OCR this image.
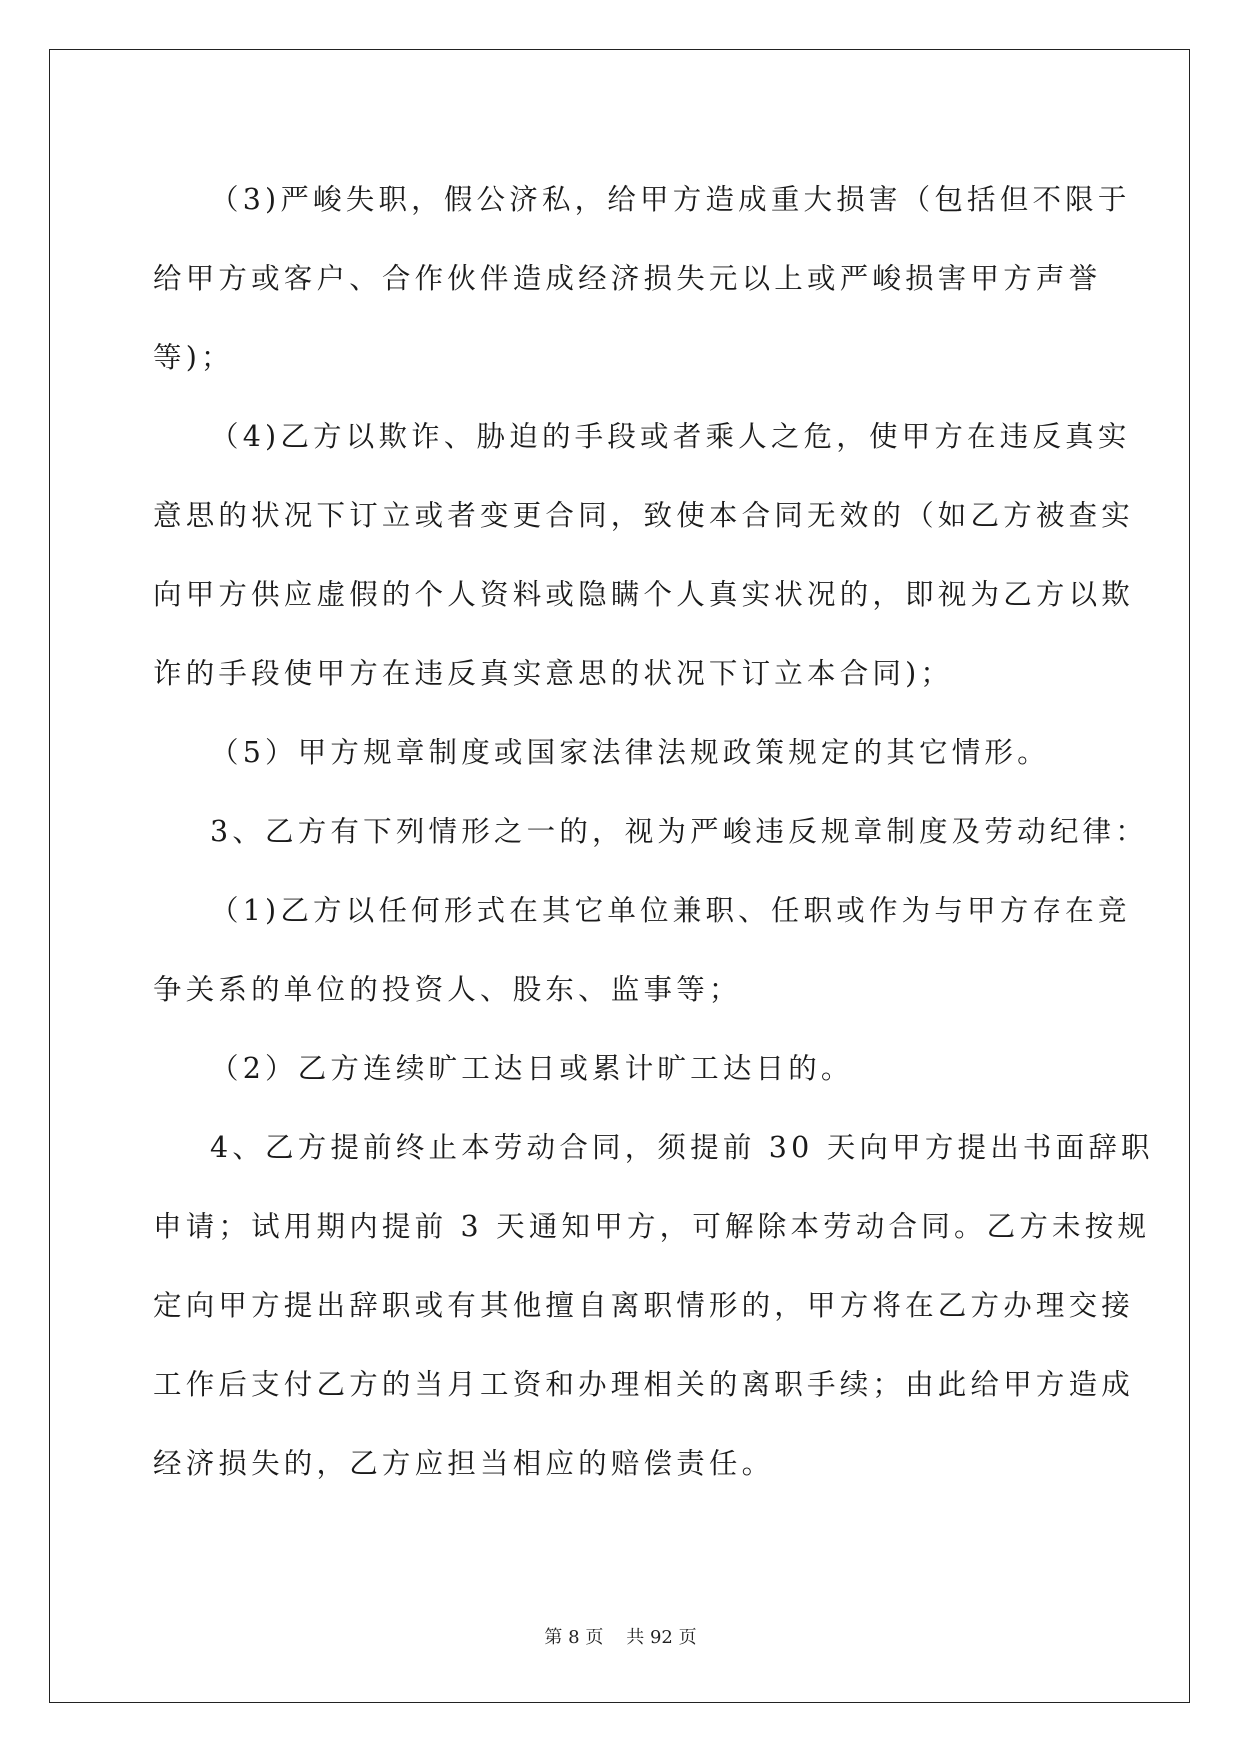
（3)严峻失职，假公济私，给甲方造成重大损害（包括但不限于
给甲方或客户、合作伙伴造成经济损失元以上或严峻损害甲方声誉
等)；
（4)乙方以欺诈、胁迫的手段或者乘人之危，使甲方在违反真实
意思的状况下订立或者变更合同，致使本合同无效的（如乙方被查实
向甲方供应虚假的个人资料或隐瞒个人真实状况的，即视为乙方以欺
诈的手段使甲方在违反真实意思的状况下订立本合同)；
（5）甲方规章制度或国家法律法规政策规定的其它情形。
3、乙方有下列情形之一的，视为严峻违反规章制度及劳动纪律：
（1)乙方以任何形式在其它单位兼职、任职或作为与甲方存在竞
争关系的单位的投资人、股东、监事等；
（2）乙方连续旷工达日或累计旷工达日的。
4、乙方提前终止本劳动合同，须提前 30 天向甲方提出书面辞职
申请；试用期内提前 3 天通知甲方，可解除本劳动合同。乙方未按规
定向甲方提出辞职或有其他擅自离职情形的，甲方将在乙方办理交接
工作后支付乙方的当月工资和办理相关的离职手续；由此给甲方造成
经济损失的，乙方应担当相应的赔偿责任。
第 8 页 共 92 页
